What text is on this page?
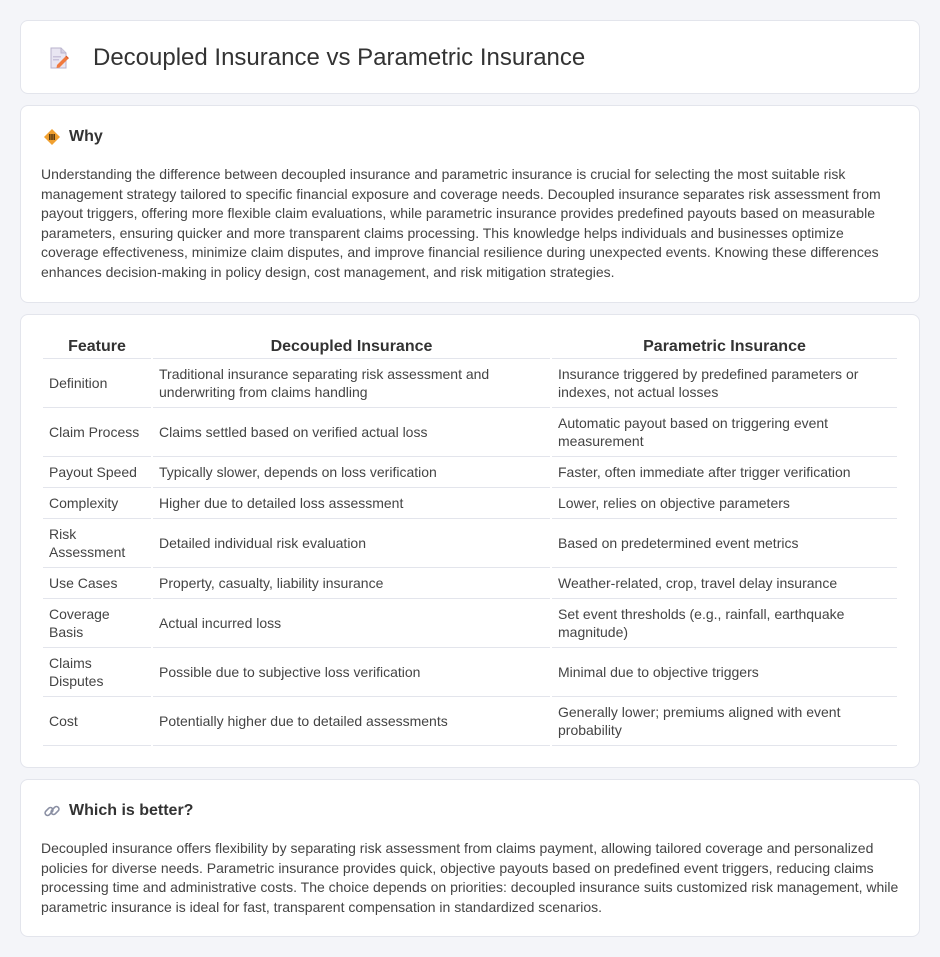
Decoupled Insurance vs Parametric Insurance
Why

Understanding the difference between decoupled insurance and parametric insurance is crucial for selecting the most suitable risk management strategy tailored to specific financial exposure and coverage needs. Decoupled insurance separates risk assessment from payout triggers, offering more flexible claim evaluations, while parametric insurance provides predefined payouts based on measurable parameters, ensuring quicker and more transparent claims processing. This knowledge helps individuals and businesses optimize coverage effectiveness, minimize claim disputes, and improve financial resilience during unexpected events. Knowing these differences enhances decision-making in policy design, cost management, and risk mitigation strategies.

Feature	Decoupled Insurance	Parametric Insurance
Definition	Traditional insurance separating risk assessment and underwriting from claims handling	Insurance triggered by predefined parameters or indexes, not actual losses
Claim Process	Claims settled based on verified actual loss	Automatic payout based on triggering event measurement
Payout Speed	Typically slower, depends on loss verification	Faster, often immediate after trigger verification
Complexity	Higher due to detailed loss assessment	Lower, relies on objective parameters
Risk Assessment	Detailed individual risk evaluation	Based on predetermined event metrics
Use Cases	Property, casualty, liability insurance	Weather-related, crop, travel delay insurance
Coverage Basis	Actual incurred loss	Set event thresholds (e.g., rainfall, earthquake magnitude)
Claims Disputes	Possible due to subjective loss verification	Minimal due to objective triggers
Cost	Potentially higher due to detailed assessments	Generally lower; premiums aligned with event probability
Which is better?

Decoupled insurance offers flexibility by separating risk assessment from claims payment, allowing tailored coverage and personalized policies for diverse needs. Parametric insurance provides quick, objective payouts based on predefined event triggers, reducing claims processing time and administrative costs. The choice depends on priorities: decoupled insurance suits customized risk management, while parametric insurance is ideal for fast, transparent compensation in standardized scenarios.
